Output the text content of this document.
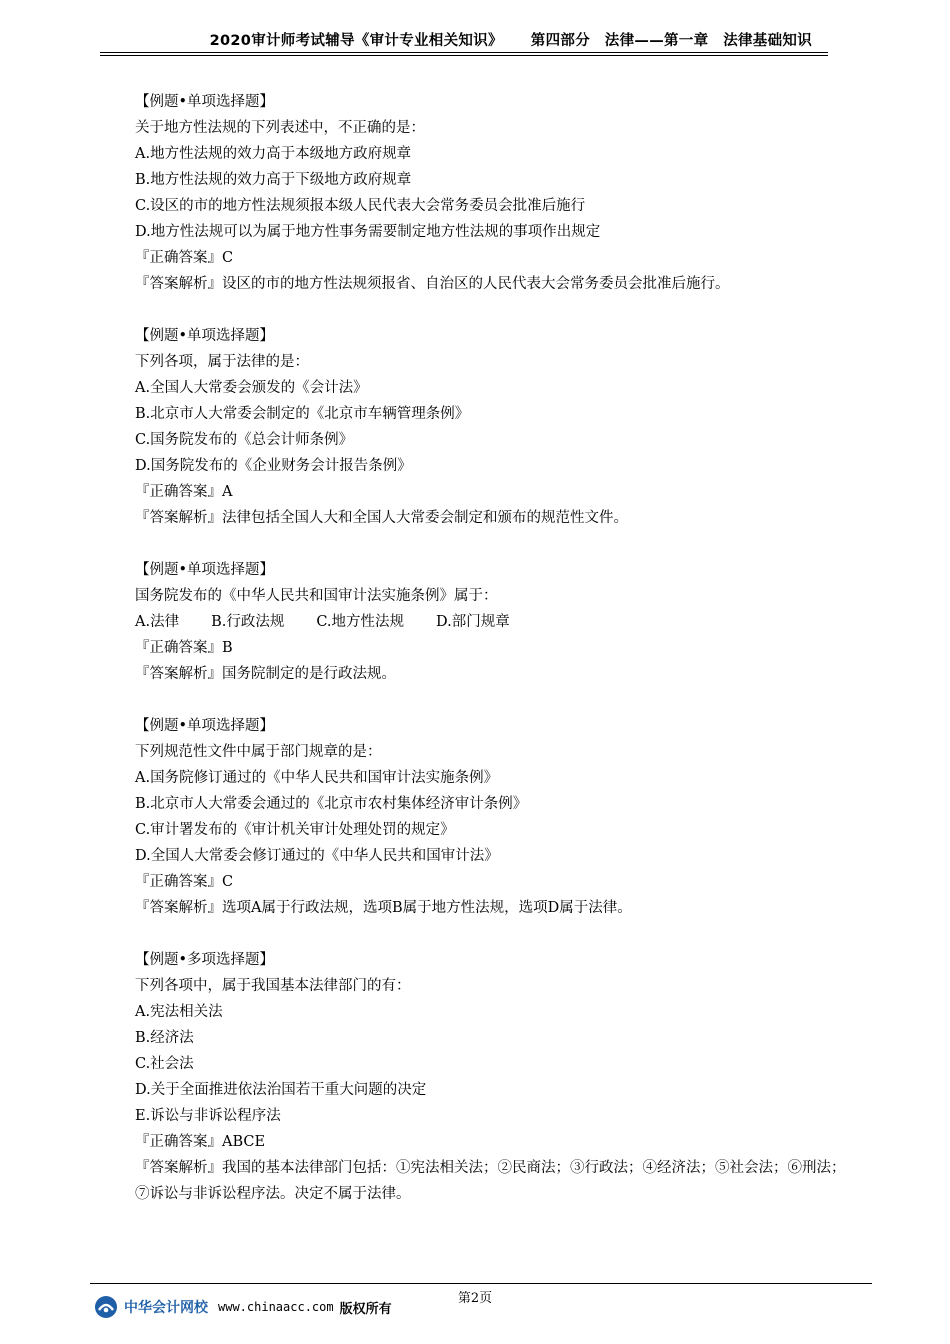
2020审计师考试辅导《审计专业相关知识》 第四部分　法律——第一章　法律基础知识
【例题•单项选择题】
关于地方性法规的下列表述中，不正确的是：
A.地方性法规的效力高于本级地方政府规章
B.地方性法规的效力高于下级地方政府规章
C.设区的市的地方性法规须报本级人民代表大会常务委员会批准后施行
D.地方性法规可以为属于地方性事务需要制定地方性法规的事项作出规定
『正确答案』C
『答案解析』设区的市的地方性法规须报省、自治区的人民代表大会常务委员会批准后施行。
【例题•单项选择题】
下列各项，属于法律的是：
A.全国人大常委会颁发的《会计法》
B.北京市人大常委会制定的《北京市车辆管理条例》
C.国务院发布的《总会计师条例》
D.国务院发布的《企业财务会计报告条例》
『正确答案』A
『答案解析』法律包括全国人大和全国人大常委会制定和颁布的规范性文件。
【例题•单项选择题】
国务院发布的《中华人民共和国审计法实施条例》属于：
A.法律 B.行政法规 C.地方性法规 D.部门规章
『正确答案』B
『答案解析』国务院制定的是行政法规。
【例题•单项选择题】
下列规范性文件中属于部门规章的是：
A.国务院修订通过的《中华人民共和国审计法实施条例》
B.北京市人大常委会通过的《北京市农村集体经济审计条例》
C.审计署发布的《审计机关审计处理处罚的规定》
D.全国人大常委会修订通过的《中华人民共和国审计法》
『正确答案』C
『答案解析』选项A属于行政法规，选项B属于地方性法规，选项D属于法律。
【例题•多项选择题】
下列各项中，属于我国基本法律部门的有：
A.宪法相关法
B.经济法
C.社会法
D.关于全面推进依法治国若干重大问题的决定
E.诉讼与非诉讼程序法
『正确答案』ABCE
『答案解析』我国的基本法律部门包括：①宪法相关法；②民商法；③行政法；④经济法；⑤社会法；⑥刑法；⑦诉讼与非诉讼程序法。决定不属于法律。
第2页
中华会计网校 www.chinaacc.com 版权所有
